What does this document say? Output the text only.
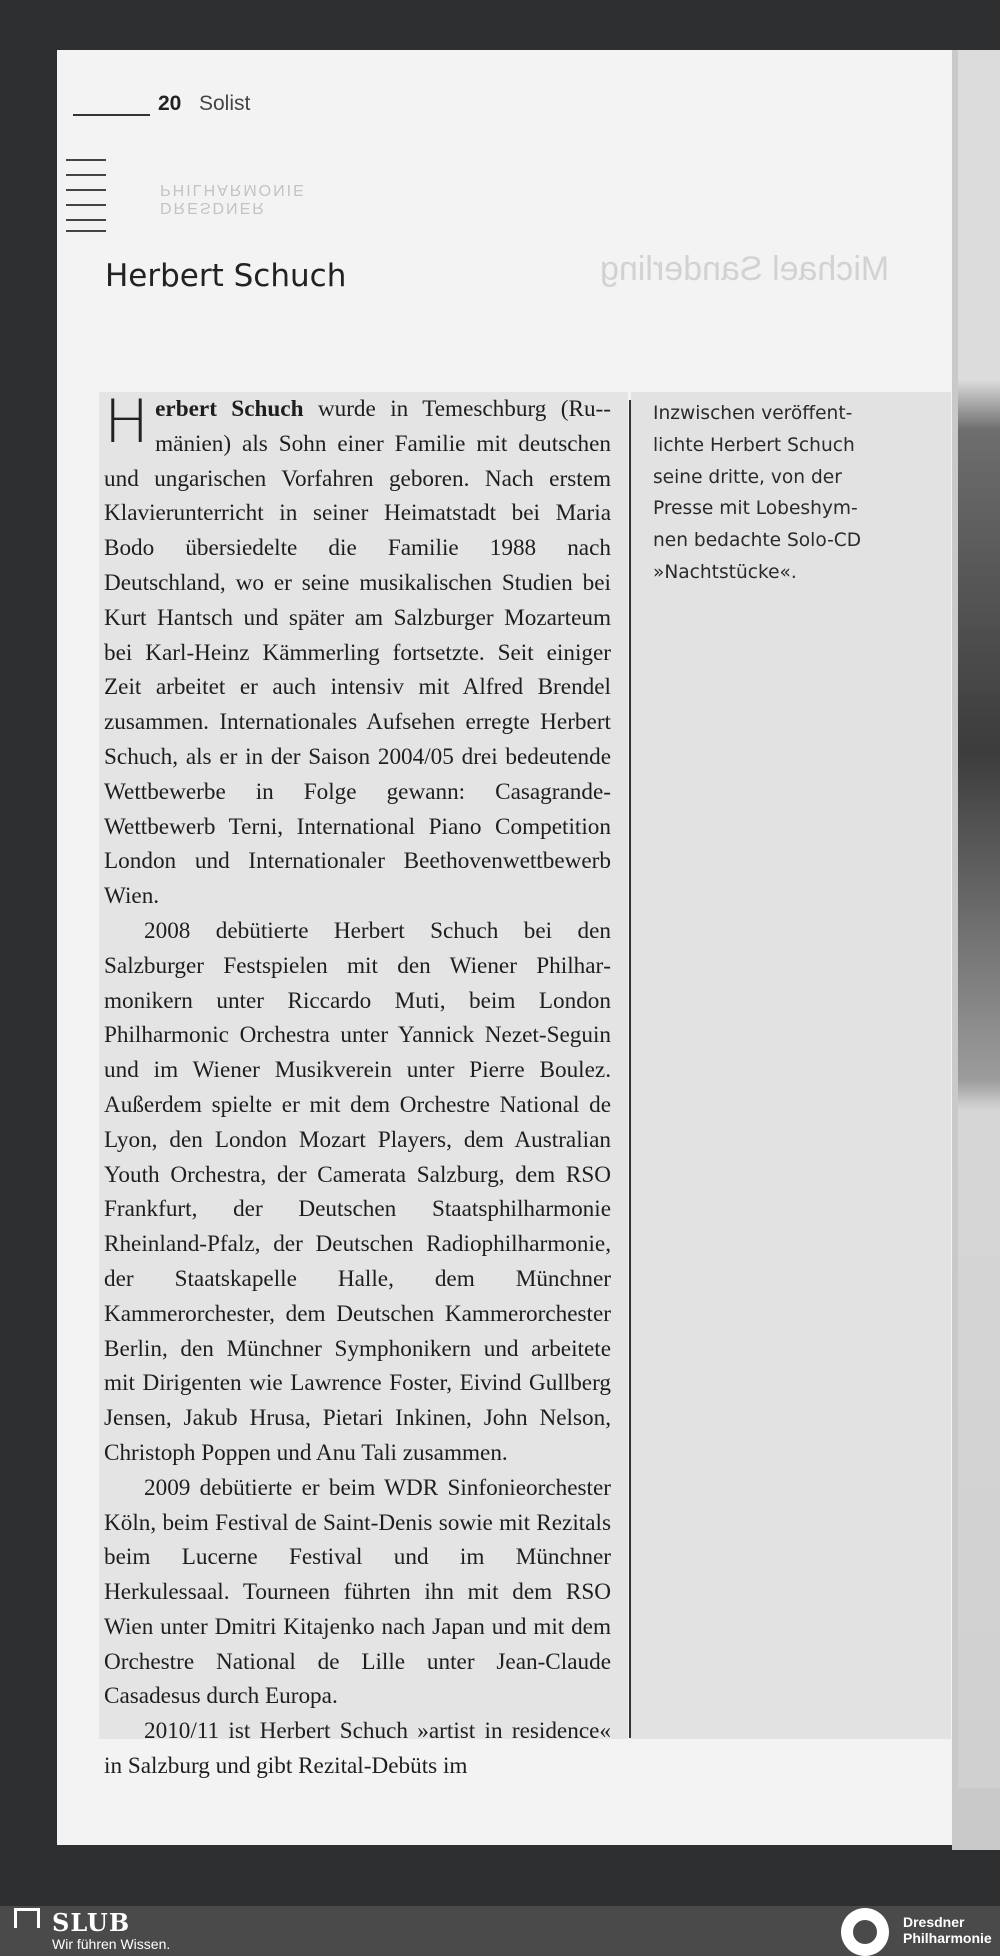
20 Solist
DRESDNER
PHILHARMONIE
Michael Sanderling
Herbert Schuch

Herbert Schuch wurde in Temeschburg (Ru-mänien) als Sohn einer Familie mit deutschen und ungarischen Vorfahren geboren. Nach erstem Klavierunterricht in seiner Heimatstadt bei Maria Bodo übersiedelte die Familie 1988 nach Deutschland, wo er seine musikalischen Studien bei Kurt Hantsch und später am Salzburger Mozarteum bei Karl-Heinz Kämmerling fortsetzte. Seit einiger Zeit arbeitet er auch intensiv mit Alfred Brendel zusammen. Internationales Aufsehen erregte Herbert Schuch, als er in der Saison 2004/05 drei bedeutende Wettbewerbe in Folge gewann: Casagrande-Wettbewerb Terni, International Piano Competition London und Internationaler Beethovenwettbewerb Wien.

2008 debütierte Herbert Schuch bei den Salzburger Festspielen mit den Wiener Philharmonikern unter Riccardo Muti, beim London Philharmonic Orchestra unter Yannick Nezet-Seguin und im Wiener Musikverein unter Pierre Boulez. Außerdem spielte er mit dem Orchestre National de Lyon, den London Mozart Players, dem Australian Youth Orchestra, der Camerata Salzburg, dem RSO Frankfurt, der Deutschen Staatsphilharmonie Rheinland-Pfalz, der Deutschen Radiophilharmonie, der Staatskapelle Halle, dem Münchner Kammerorchester, dem Deutschen Kammerorchester Berlin, den Münchner Symphonikern und arbeitete mit Dirigenten wie Lawrence Foster, Eivind Gullberg Jensen, Jakub Hrusa, Pietari Inkinen, John Nelson, Christoph Poppen und Anu Tali zusammen.

2009 debütierte er beim WDR Sinfonieorchester Köln, beim Festival de Saint-Denis sowie mit Rezitals beim Lucerne Festival und im Münchner Herkulessaal. Tourneen führten ihn mit dem RSO Wien unter Dmitri Kitajenko nach Japan und mit dem Orchestre National de Lille unter Jean-Claude Casadesus durch Europa.

2010/11 ist Herbert Schuch »artist in residence« in Salzburg und gibt Rezital-Debüts im

Inzwischen veröffentlichte Herbert Schuch seine dritte, von der Presse mit Lobeshymnen bedachte Solo-CD »Nachtstücke«.
SLUB
Wir führen Wissen.
Dresdner
Philharmonie
